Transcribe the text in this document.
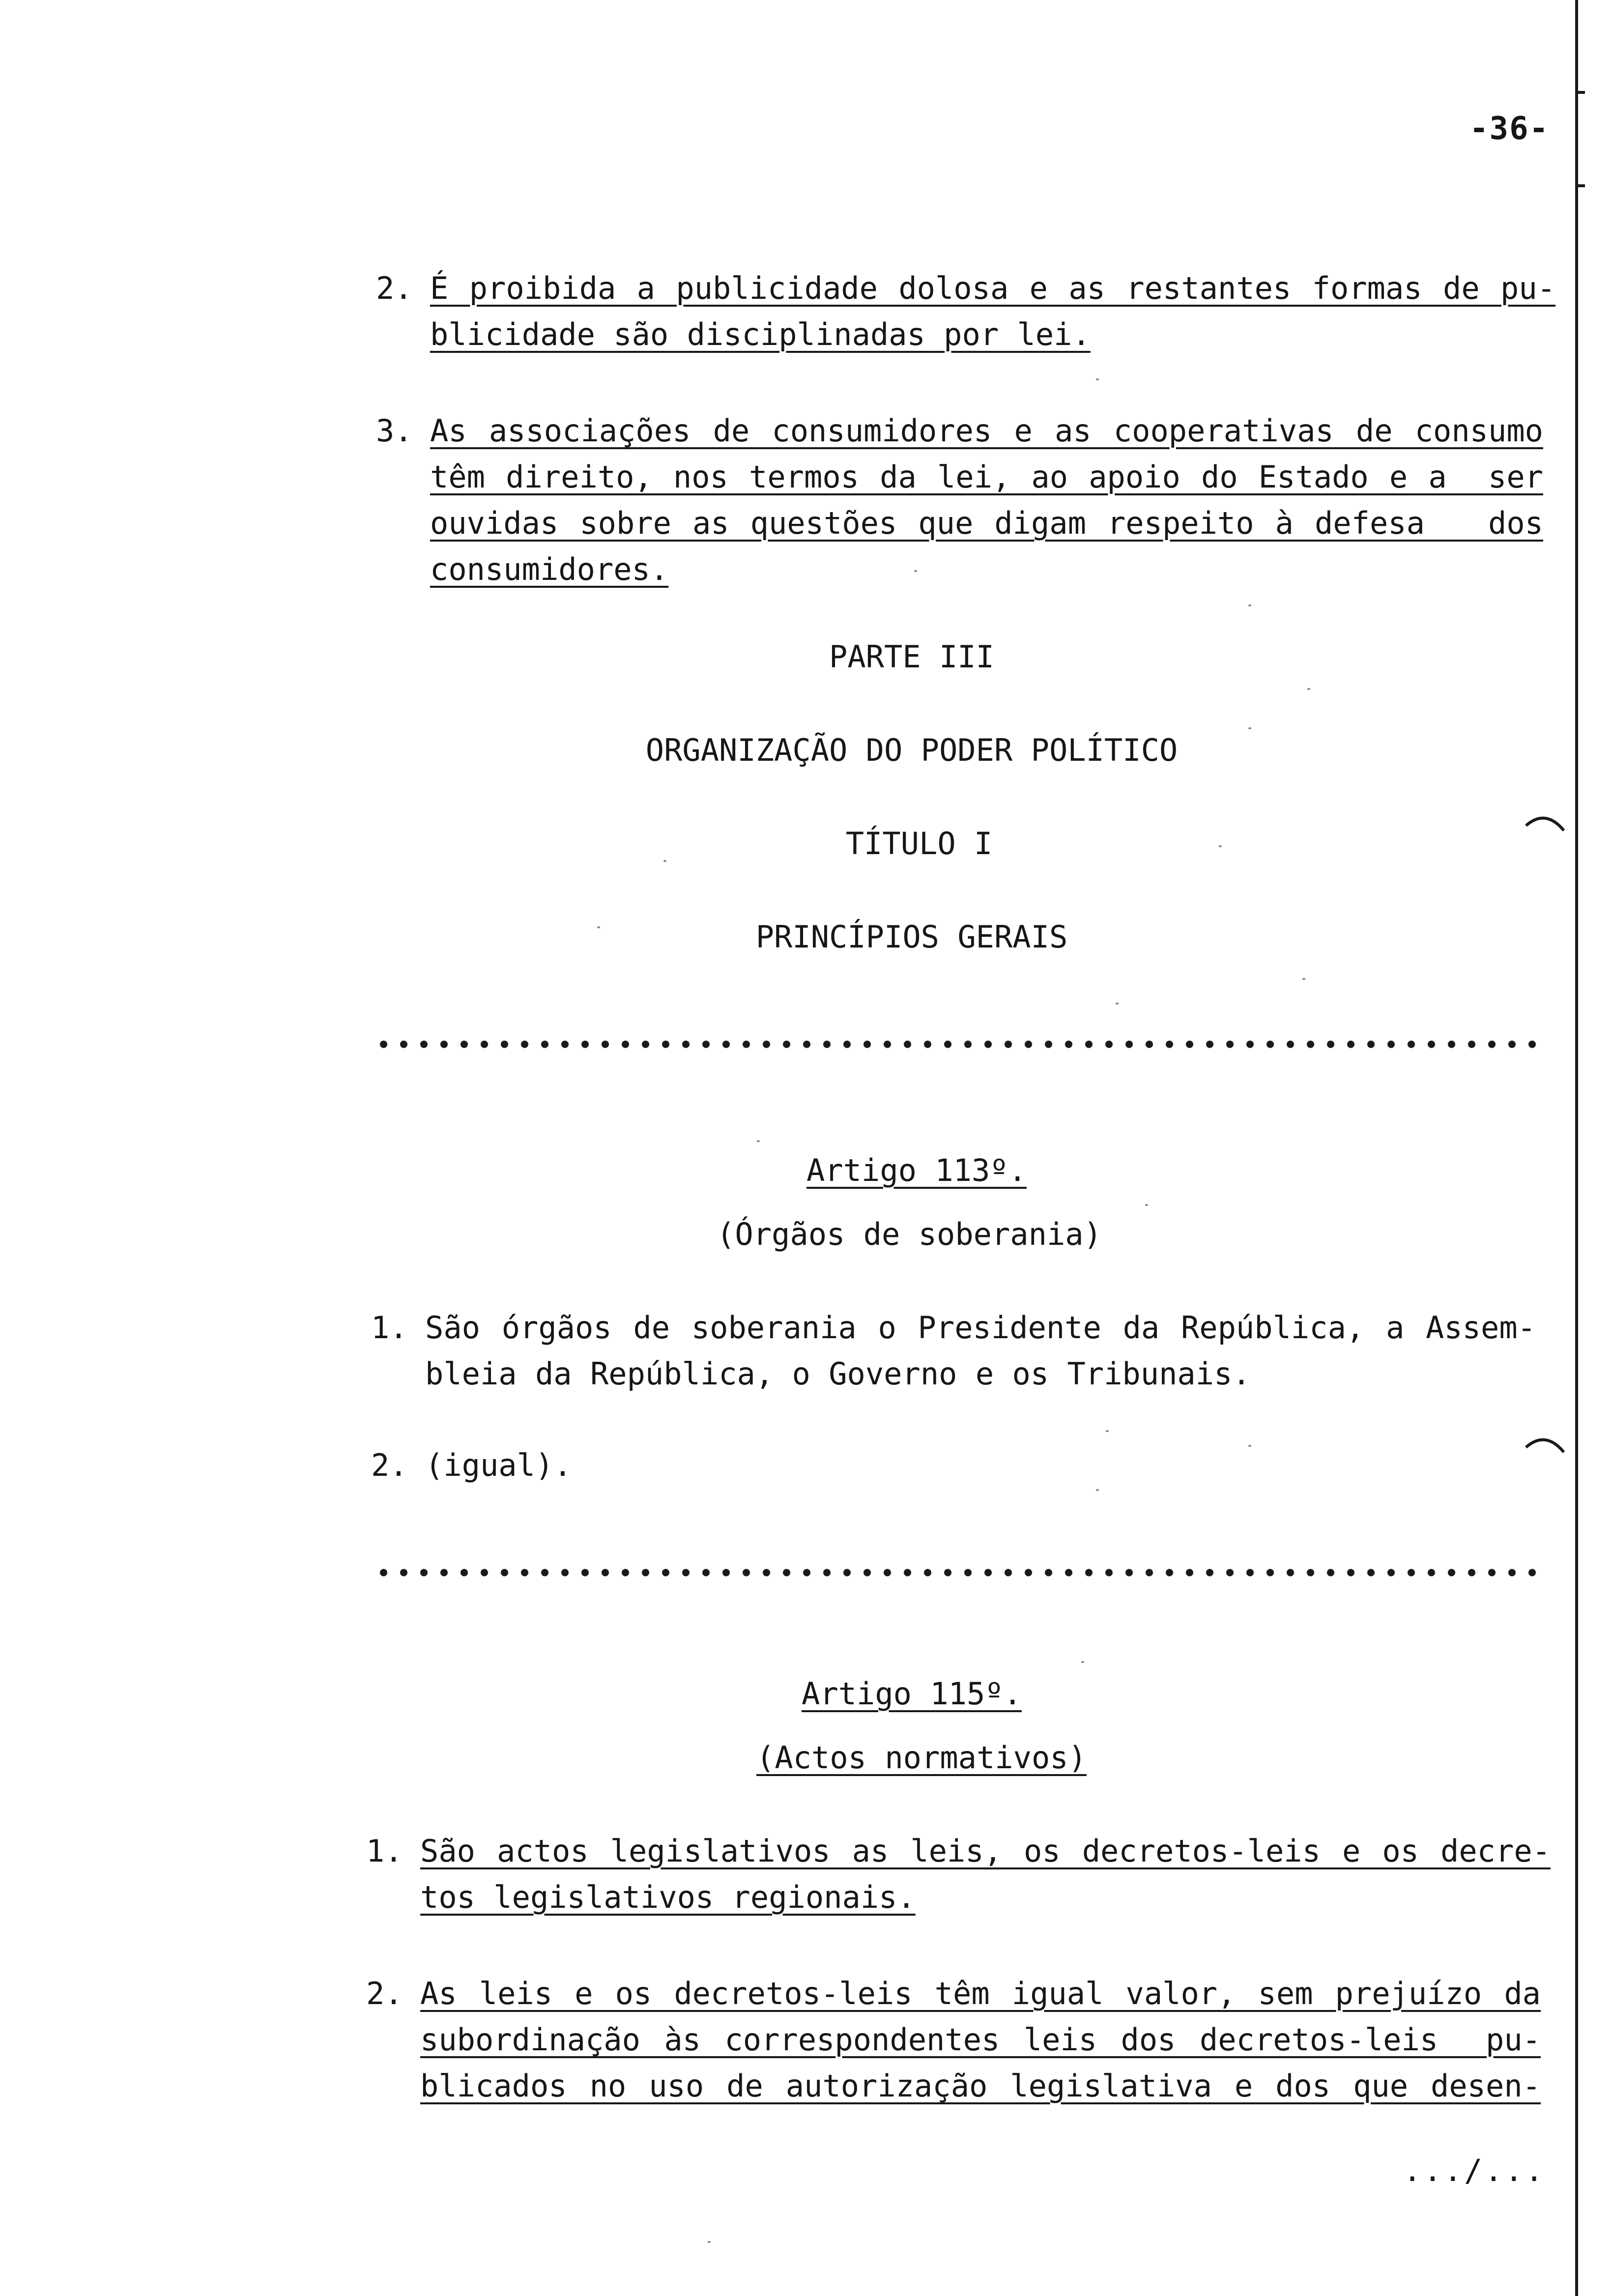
-36-
2. É proibida a publicidade dolosa e as restantes formas de pu-
blicidade são disciplinadas por lei.
3. As associações de consumidores e as cooperativas de consumo
têm direito, nos termos da lei, ao apoio do Estado e a  ser
ouvidas sobre as questões que digam respeito à defesa   dos
consumidores.
PARTE III
ORGANIZAÇÃO DO PODER POLÍTICO
TÍTULO I
PRINCÍPIOS GERAIS
Artigo 113º.
(Órgãos de soberania)
1. São órgãos de soberania o Presidente da República, a Assem-
bleia da República, o Governo e os Tribunais.
2. (igual).
Artigo 115º.
(Actos normativos)
1. São actos legislativos as leis, os decretos-leis e os decre-
tos legislativos regionais.
2. As leis e os decretos-leis têm igual valor, sem prejuízo da
subordinação às correspondentes leis dos decretos-leis  pu-
blicados no uso de autorização legislativa e dos que desen-
.../...
